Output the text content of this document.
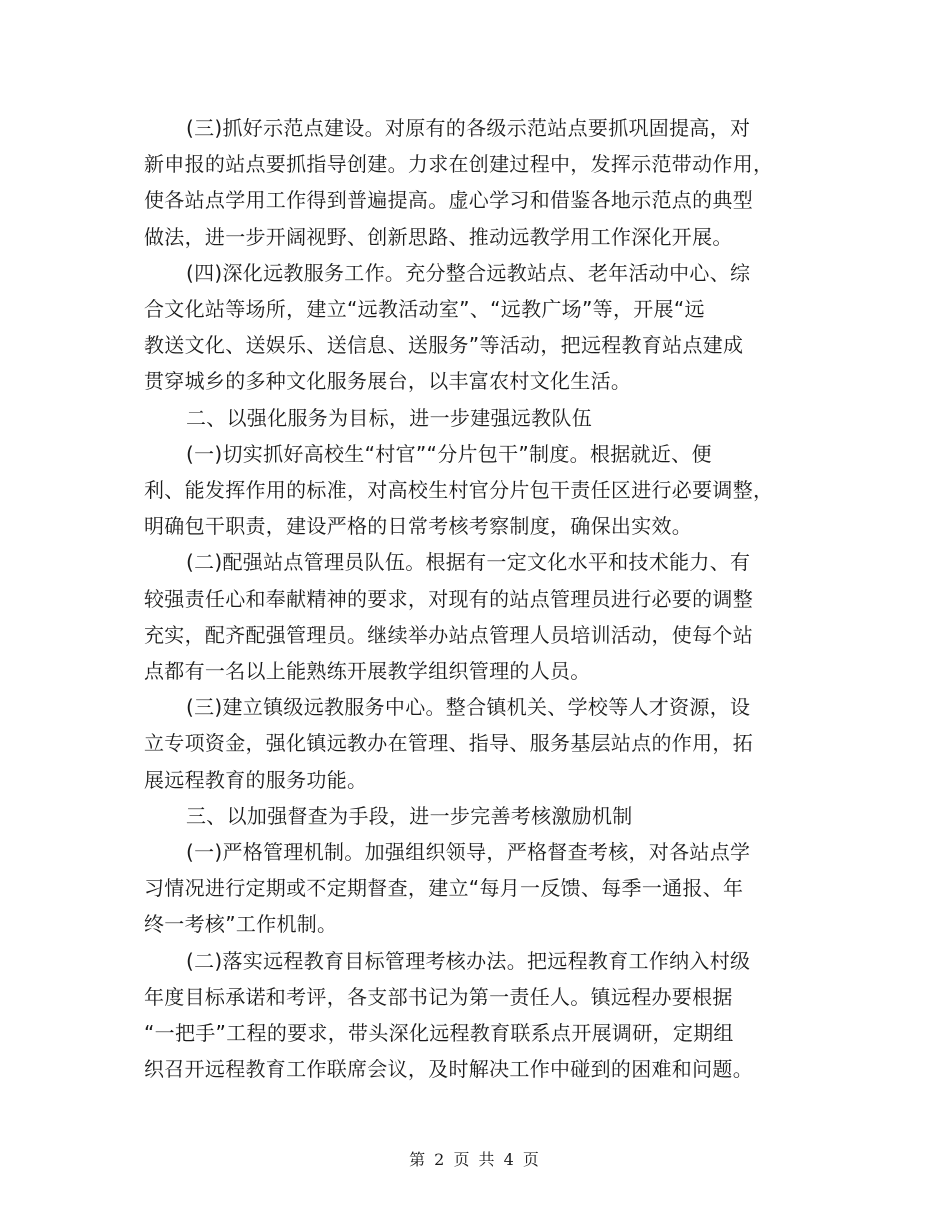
(三)抓好示范点建设。对原有的各级示范站点要抓巩固提高，对
新申报的站点要抓指导创建。力求在创建过程中，发挥示范带动作用，
使各站点学用工作得到普遍提高。虚心学习和借鉴各地示范点的典型
做法，进一步开阔视野、创新思路、推动远教学用工作深化开展。

(四)深化远教服务工作。充分整合远教站点、老年活动中心、综
合文化站等场所，建立“远教活动室”、“远教广场”等，开展“远
教送文化、送娱乐、送信息、送服务”等活动，把远程教育站点建成
贯穿城乡的多种文化服务展台，以丰富农村文化生活。

二、以强化服务为目标，进一步建强远教队伍

(一)切实抓好高校生“村官”“分片包干”制度。根据就近、便
利、能发挥作用的标准，对高校生村官分片包干责任区进行必要调整，
明确包干职责，建设严格的日常考核考察制度，确保出实效。

(二)配强站点管理员队伍。根据有一定文化水平和技术能力、有
较强责任心和奉献精神的要求，对现有的站点管理员进行必要的调整
充实，配齐配强管理员。继续举办站点管理人员培训活动，使每个站
点都有一名以上能熟练开展教学组织管理的人员。

(三)建立镇级远教服务中心。整合镇机关、学校等人才资源，设
立专项资金，强化镇远教办在管理、指导、服务基层站点的作用，拓
展远程教育的服务功能。

三、以加强督查为手段，进一步完善考核激励机制

(一)严格管理机制。加强组织领导，严格督查考核，对各站点学
习情况进行定期或不定期督查，建立“每月一反馈、每季一通报、年
终一考核”工作机制。

(二)落实远程教育目标管理考核办法。把远程教育工作纳入村级
年度目标承诺和考评，各支部书记为第一责任人。镇远程办要根据
“一把手”工程的要求，带头深化远程教育联系点开展调研，定期组
织召开远程教育工作联席会议，及时解决工作中碰到的困难和问题。

第 2 页 共 4 页
